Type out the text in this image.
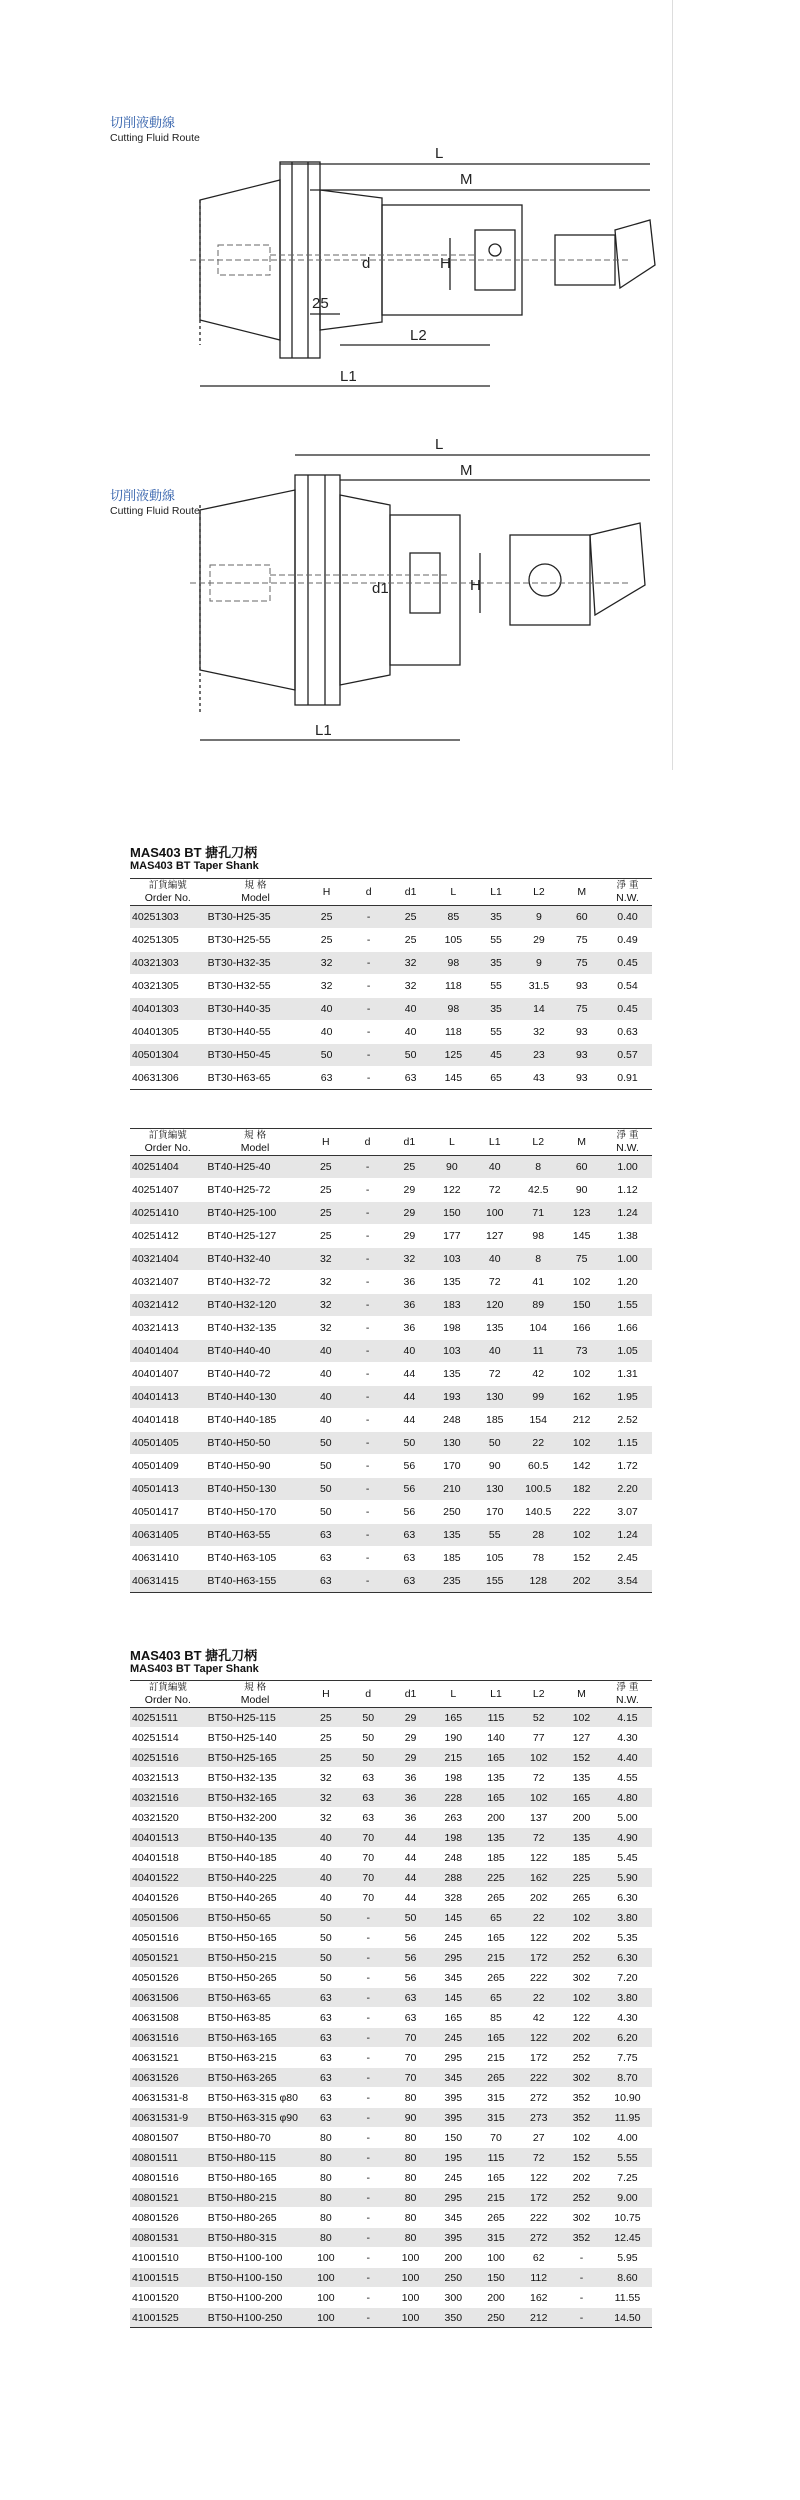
L
M
H
d
25
L2
L1
切削液動線
Cutting Fluid Route
L
M
H
d1
L1
切削液動線
Cutting Fluid Route
MAS403 BT 搪孔刀柄
MAS403 BT Taper Shank
訂貨編號
Order No.	規 格
Model	H	d	d1	L	L1	L2	M	淨 重
N.W.
40251303	BT30-H25-35	25	-	25	85	35	9	60	0.40
40251305	BT30-H25-55	25	-	25	105	55	29	75	0.49
40321303	BT30-H32-35	32	-	32	98	35	9	75	0.45
40321305	BT30-H32-55	32	-	32	118	55	31.5	93	0.54
40401303	BT30-H40-35	40	-	40	98	35	14	75	0.45
40401305	BT30-H40-55	40	-	40	118	55	32	93	0.63
40501304	BT30-H50-45	50	-	50	125	45	23	93	0.57
40631306	BT30-H63-65	63	-	63	145	65	43	93	0.91
訂貨編號
Order No.	規 格
Model	H	d	d1	L	L1	L2	M	淨 重
N.W.
40251404	BT40-H25-40	25	-	25	90	40	8	60	1.00
40251407	BT40-H25-72	25	-	29	122	72	42.5	90	1.12
40251410	BT40-H25-100	25	-	29	150	100	71	123	1.24
40251412	BT40-H25-127	25	-	29	177	127	98	145	1.38
40321404	BT40-H32-40	32	-	32	103	40	8	75	1.00
40321407	BT40-H32-72	32	-	36	135	72	41	102	1.20
40321412	BT40-H32-120	32	-	36	183	120	89	150	1.55
40321413	BT40-H32-135	32	-	36	198	135	104	166	1.66
40401404	BT40-H40-40	40	-	40	103	40	11	73	1.05
40401407	BT40-H40-72	40	-	44	135	72	42	102	1.31
40401413	BT40-H40-130	40	-	44	193	130	99	162	1.95
40401418	BT40-H40-185	40	-	44	248	185	154	212	2.52
40501405	BT40-H50-50	50	-	50	130	50	22	102	1.15
40501409	BT40-H50-90	50	-	56	170	90	60.5	142	1.72
40501413	BT40-H50-130	50	-	56	210	130	100.5	182	2.20
40501417	BT40-H50-170	50	-	56	250	170	140.5	222	3.07
40631405	BT40-H63-55	63	-	63	135	55	28	102	1.24
40631410	BT40-H63-105	63	-	63	185	105	78	152	2.45
40631415	BT40-H63-155	63	-	63	235	155	128	202	3.54
MAS403 BT 搪孔刀柄
MAS403 BT Taper Shank
訂貨編號
Order No.	規 格
Model	H	d	d1	L	L1	L2	M	淨 重
N.W.
40251511	BT50-H25-115	25	50	29	165	115	52	102	4.15
40251514	BT50-H25-140	25	50	29	190	140	77	127	4.30
40251516	BT50-H25-165	25	50	29	215	165	102	152	4.40
40321513	BT50-H32-135	32	63	36	198	135	72	135	4.55
40321516	BT50-H32-165	32	63	36	228	165	102	165	4.80
40321520	BT50-H32-200	32	63	36	263	200	137	200	5.00
40401513	BT50-H40-135	40	70	44	198	135	72	135	4.90
40401518	BT50-H40-185	40	70	44	248	185	122	185	5.45
40401522	BT50-H40-225	40	70	44	288	225	162	225	5.90
40401526	BT50-H40-265	40	70	44	328	265	202	265	6.30
40501506	BT50-H50-65	50	-	50	145	65	22	102	3.80
40501516	BT50-H50-165	50	-	56	245	165	122	202	5.35
40501521	BT50-H50-215	50	-	56	295	215	172	252	6.30
40501526	BT50-H50-265	50	-	56	345	265	222	302	7.20
40631506	BT50-H63-65	63	-	63	145	65	22	102	3.80
40631508	BT50-H63-85	63	-	63	165	85	42	122	4.30
40631516	BT50-H63-165	63	-	70	245	165	122	202	6.20
40631521	BT50-H63-215	63	-	70	295	215	172	252	7.75
40631526	BT50-H63-265	63	-	70	345	265	222	302	8.70
40631531-8	BT50-H63-315 φ80	63	-	80	395	315	272	352	10.90
40631531-9	BT50-H63-315 φ90	63	-	90	395	315	273	352	11.95
40801507	BT50-H80-70	80	-	80	150	70	27	102	4.00
40801511	BT50-H80-115	80	-	80	195	115	72	152	5.55
40801516	BT50-H80-165	80	-	80	245	165	122	202	7.25
40801521	BT50-H80-215	80	-	80	295	215	172	252	9.00
40801526	BT50-H80-265	80	-	80	345	265	222	302	10.75
40801531	BT50-H80-315	80	-	80	395	315	272	352	12.45
41001510	BT50-H100-100	100	-	100	200	100	62	-	5.95
41001515	BT50-H100-150	100	-	100	250	150	112	-	8.60
41001520	BT50-H100-200	100	-	100	300	200	162	-	11.55
41001525	BT50-H100-250	100	-	100	350	250	212	-	14.50
